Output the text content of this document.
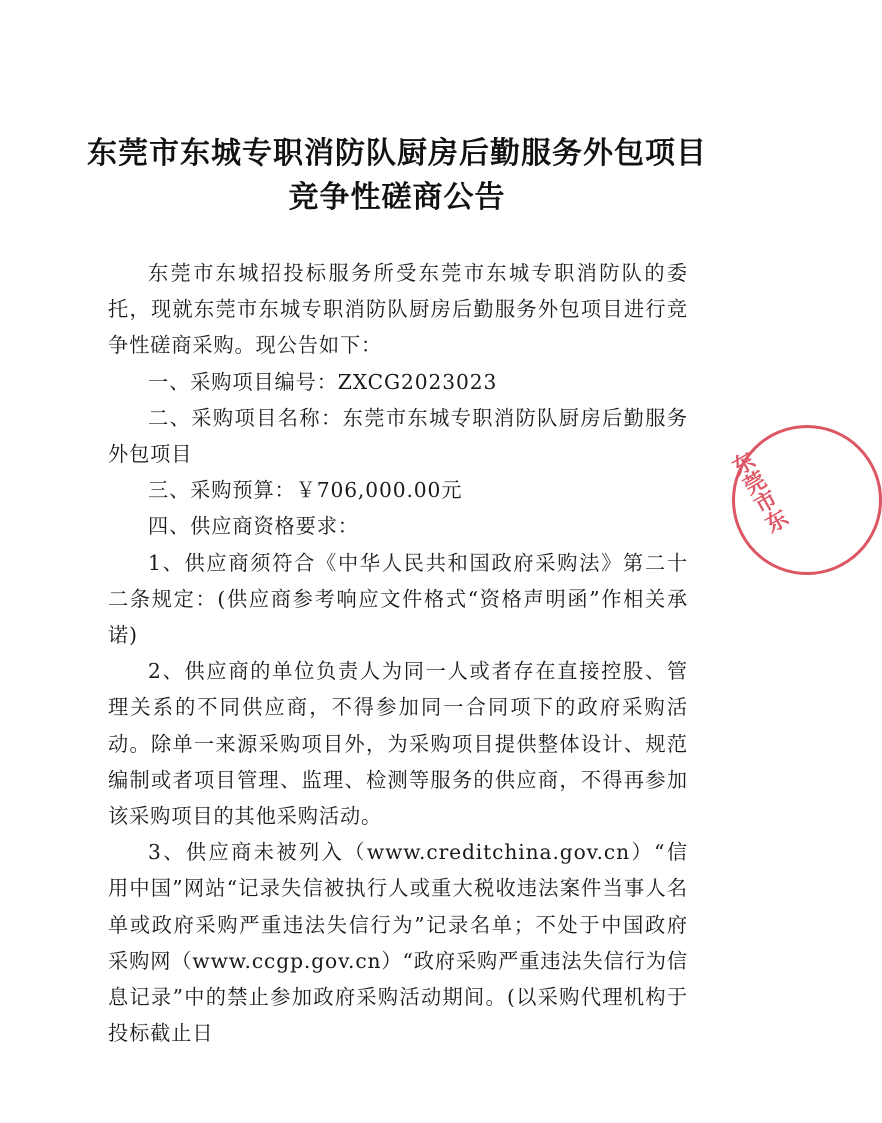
东莞市东城专职消防队厨房后勤服务外包项目
竞争性磋商公告

东莞市东城招投标服务所受东莞市东城专职消防队的委托，现就东莞市东城专职消防队厨房后勤服务外包项目进行竞争性磋商采购。现公告如下：

一、采购项目编号：ZXCG2023023

二、采购项目名称：东莞市东城专职消防队厨房后勤服务外包项目

三、采购预算：￥706,000.00元

四、供应商资格要求：

1、供应商须符合《中华人民共和国政府采购法》第二十二条规定：(供应商参考响应文件格式“资格声明函”作相关承诺)

2、供应商的单位负责人为同一人或者存在直接控股、管理关系的不同供应商，不得参加同一合同项下的政府采购活动。除单一来源采购项目外，为采购项目提供整体设计、规范编制或者项目管理、监理、检测等服务的供应商，不得再参加该采购项目的其他采购活动。

3、供应商未被列入（www.creditchina.gov.cn）“信用中国”网站“记录失信被执行人或重大税收违法案件当事人名单或政府采购严重违法失信行为”记录名单；不处于中国政府采购网（www.ccgp.gov.cn）“政府采购严重违法失信行为信息记录”中的禁止参加政府采购活动期间。(以采购代理机构于投标截止日

东莞市东
